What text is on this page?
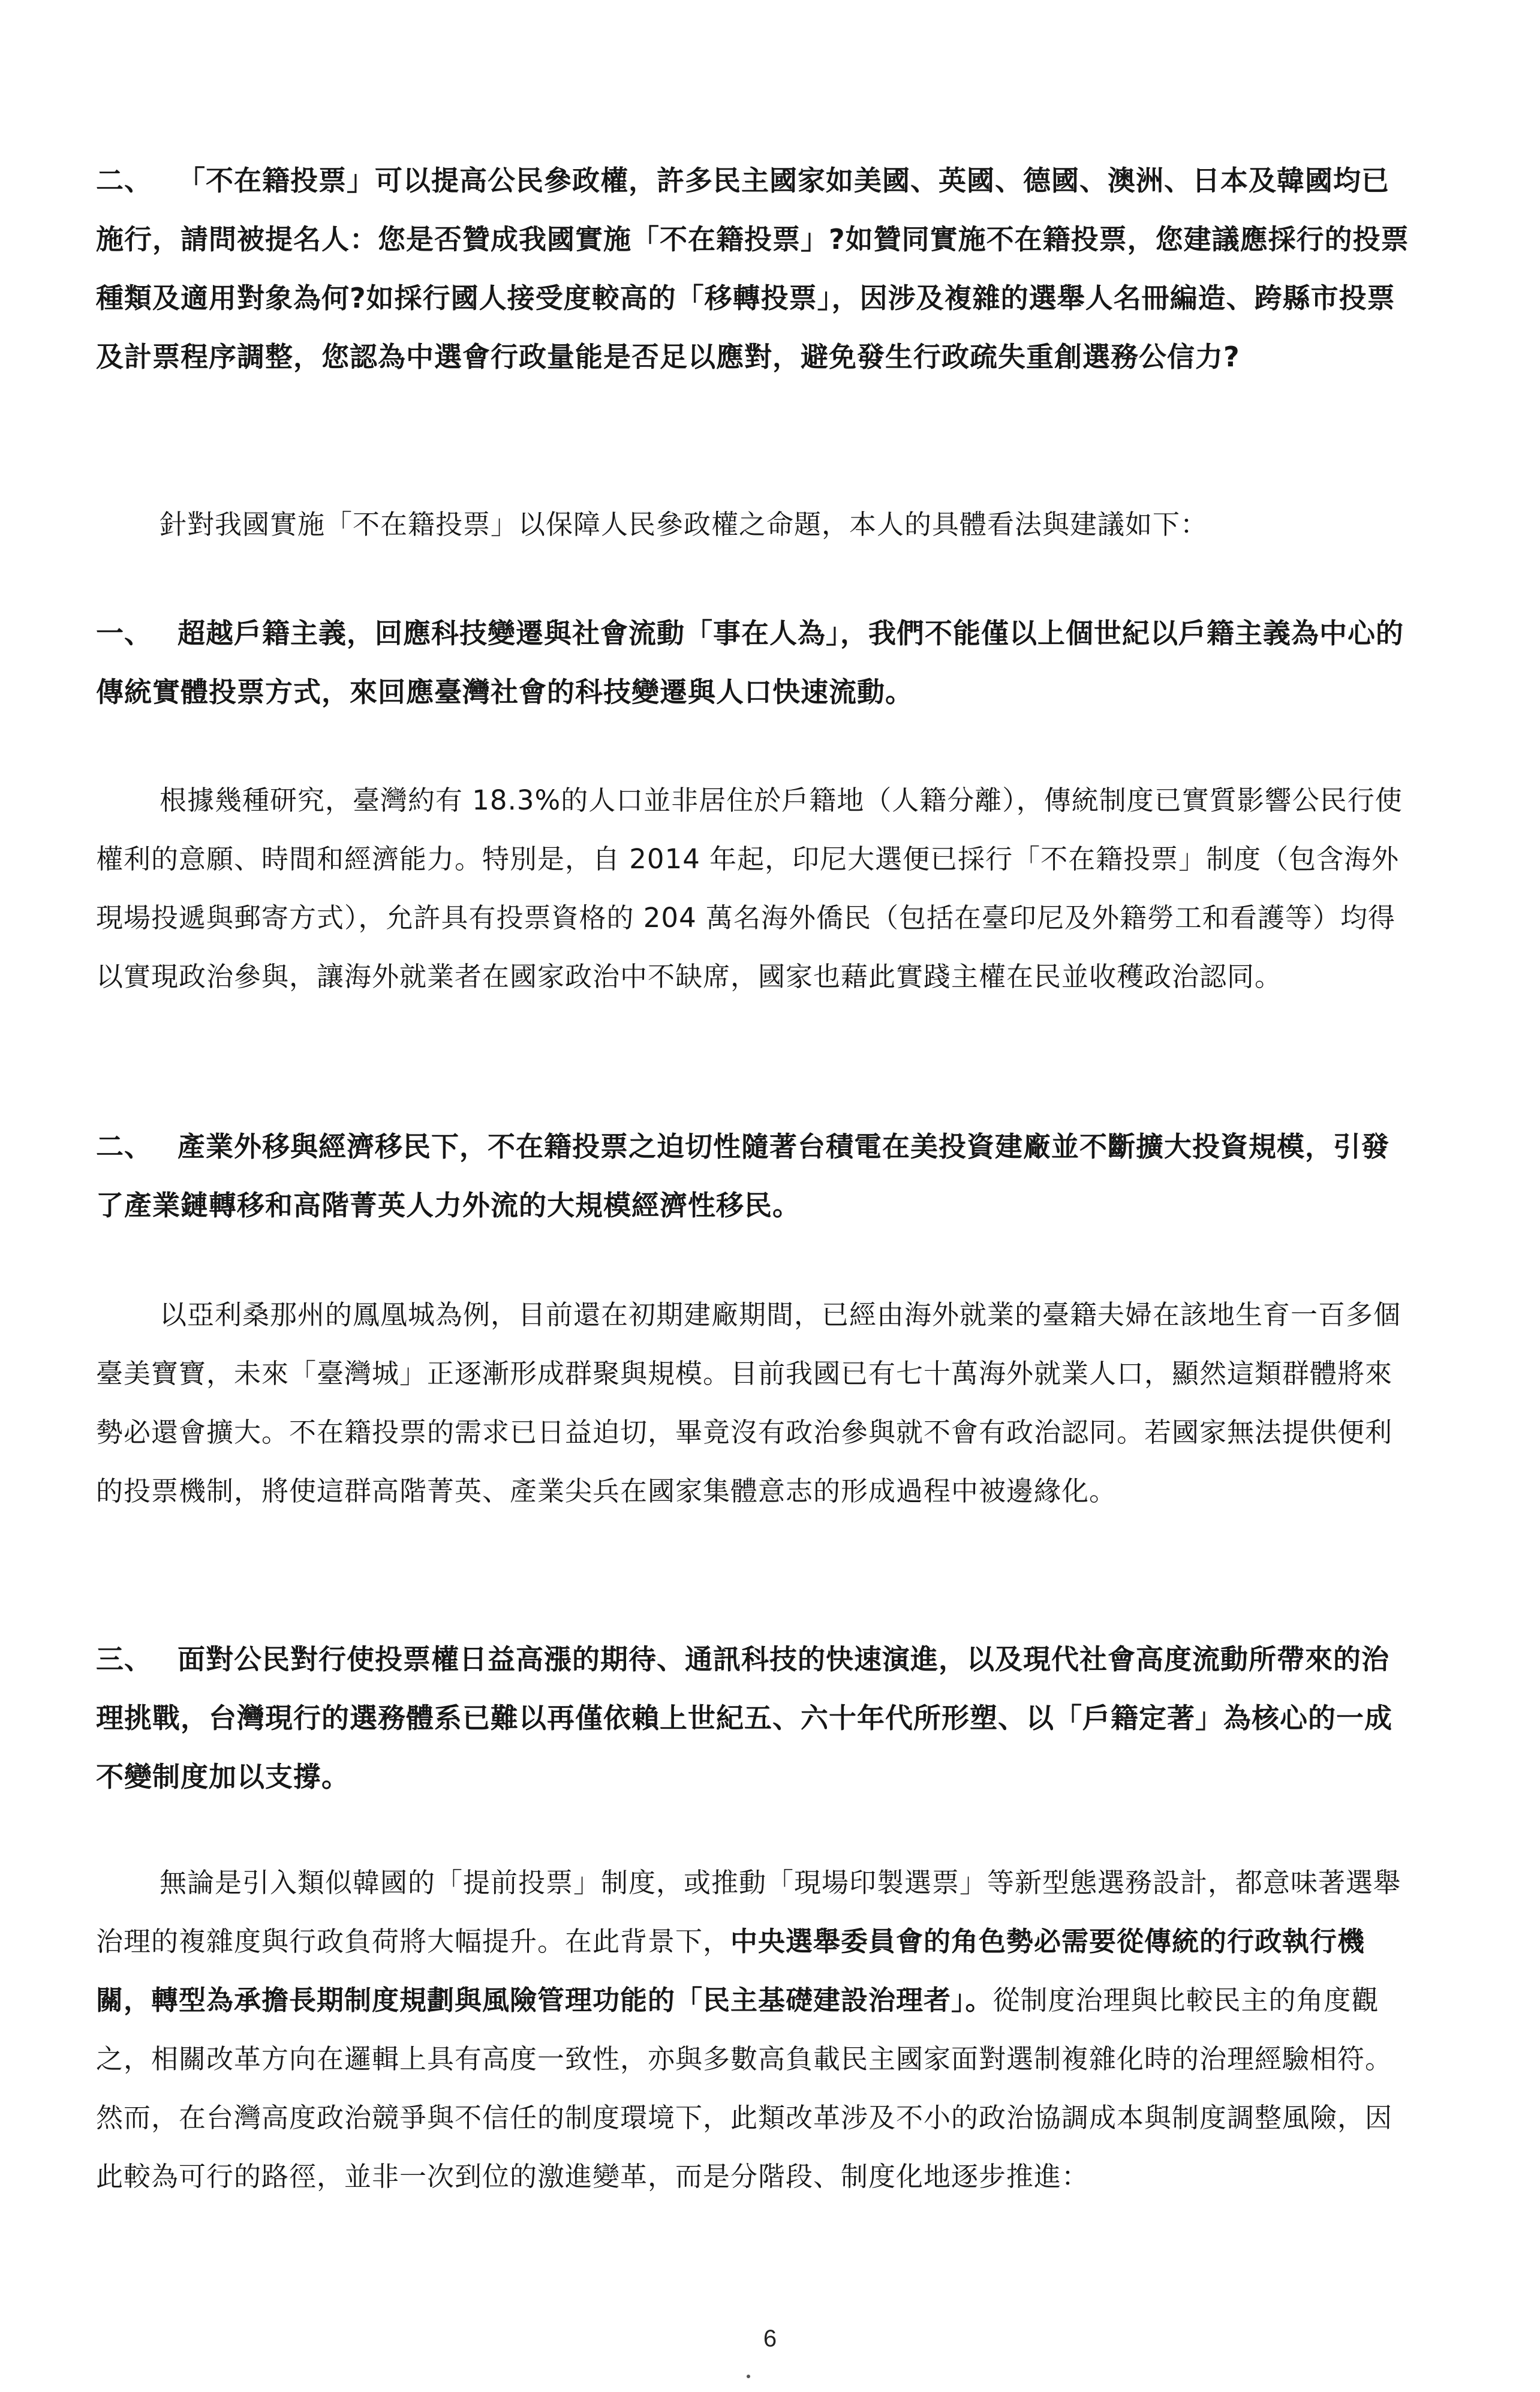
二、 「不在籍投票」可以提高公民參政權，許多民主國家如美國、英國、德國、澳洲、日本及韓國均已施行，請問被提名人：您是否贊成我國實施「不在籍投票」?如贊同實施不在籍投票，您建議應採行的投票種類及適用對象為何?如採行國人接受度較高的「移轉投票」，因涉及複雜的選舉人名冊編造、跨縣市投票及計票程序調整，您認為中選會行政量能是否足以應對，避免發生行政疏失重創選務公信力?

針對我國實施「不在籍投票」以保障人民參政權之命題，本人的具體看法與建議如下：

一、 超越戶籍主義，回應科技變遷與社會流動「事在人為」，我們不能僅以上個世紀以戶籍主義為中心的傳統實體投票方式，來回應臺灣社會的科技變遷與人口快速流動。

根據幾種研究，臺灣約有 18.3%的人口並非居住於戶籍地（人籍分離），傳統制度已實質影響公民行使權利的意願、時間和經濟能力。特別是，自 2014 年起，印尼大選便已採行「不在籍投票」制度（包含海外現場投遞與郵寄方式），允許具有投票資格的 204 萬名海外僑民（包括在臺印尼及外籍勞工和看護等）均得以實現政治參與，讓海外就業者在國家政治中不缺席，國家也藉此實踐主權在民並收穫政治認同。

二、 產業外移與經濟移民下，不在籍投票之迫切性隨著台積電在美投資建廠並不斷擴大投資規模，引發了產業鏈轉移和高階菁英人力外流的大規模經濟性移民。

以亞利桑那州的鳳凰城為例，目前還在初期建廠期間，已經由海外就業的臺籍夫婦在該地生育一百多個臺美寶寶，未來「臺灣城」正逐漸形成群聚與規模。目前我國已有七十萬海外就業人口，顯然這類群體將來勢必還會擴大。不在籍投票的需求已日益迫切，畢竟沒有政治參與就不會有政治認同。若國家無法提供便利的投票機制，將使這群高階菁英、產業尖兵在國家集體意志的形成過程中被邊緣化。

三、 面對公民對行使投票權日益高漲的期待、通訊科技的快速演進，以及現代社會高度流動所帶來的治理挑戰，台灣現行的選務體系已難以再僅依賴上世紀五、六十年代所形塑、以「戶籍定著」為核心的一成不變制度加以支撐。

無論是引入類似韓國的「提前投票」制度，或推動「現場印製選票」等新型態選務設計，都意味著選舉治理的複雜度與行政負荷將大幅提升。在此背景下，中央選舉委員會的角色勢必需要從傳統的行政執行機關，轉型為承擔長期制度規劃與風險管理功能的「民主基礎建設治理者」。從制度治理與比較民主的角度觀之，相關改革方向在邏輯上具有高度一致性，亦與多數高負載民主國家面對選制複雜化時的治理經驗相符。然而，在台灣高度政治競爭與不信任的制度環境下，此類改革涉及不小的政治協調成本與制度調整風險，因此較為可行的路徑，並非一次到位的激進變革，而是分階段、制度化地逐步推進：

6
